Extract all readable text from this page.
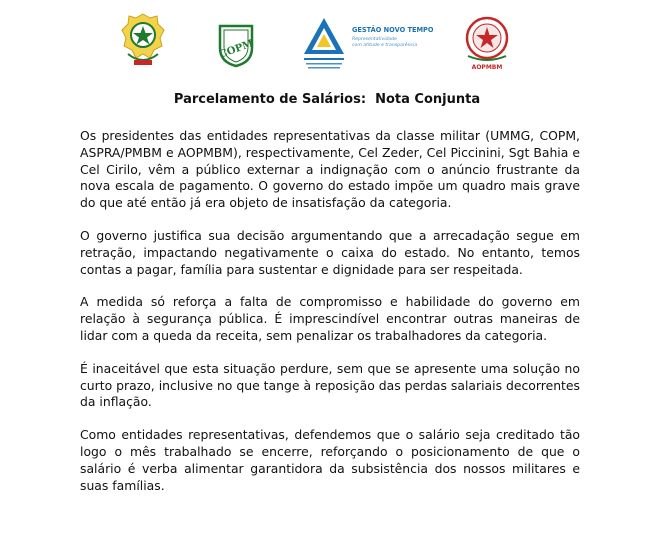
COPM
GESTÃO NOVO TEMPO
Representatividade
com atitude e transparência
AOPMBM
Parcelamento de Salários:  Nota Conjunta

Os presidentes das entidades representativas da classe militar (UMMG, COPM, ASPRA/PMBM e AOPMBM), respectivamente, Cel Zeder, Cel Piccinini, Sgt Bahia e Cel Cirilo, vêm a público externar a indignação com o anúncio frustrante da nova escala de pagamento. O governo do estado impõe um quadro mais grave do que até então já era objeto de insatisfação da categoria.

O governo justifica sua decisão argumentando que a arrecadação segue em retração, impactando negativamente o caixa do estado. No entanto, temos contas a pagar, família para sustentar e dignidade para ser respeitada.

A medida só reforça a falta de compromisso e habilidade do governo em relação à segurança pública. É imprescindível encontrar outras maneiras de lidar com a queda da receita, sem penalizar os trabalhadores da categoria.

É inaceitável que esta situação perdure, sem que se apresente uma solução no curto prazo, inclusive no que tange à reposição das perdas salariais decorrentes da inflação.

Como entidades representativas, defendemos que o salário seja creditado tão logo o mês trabalhado se encerre, reforçando o posicionamento de que o salário é verba alimentar garantidora da subsistência dos nossos militares e suas famílias.
